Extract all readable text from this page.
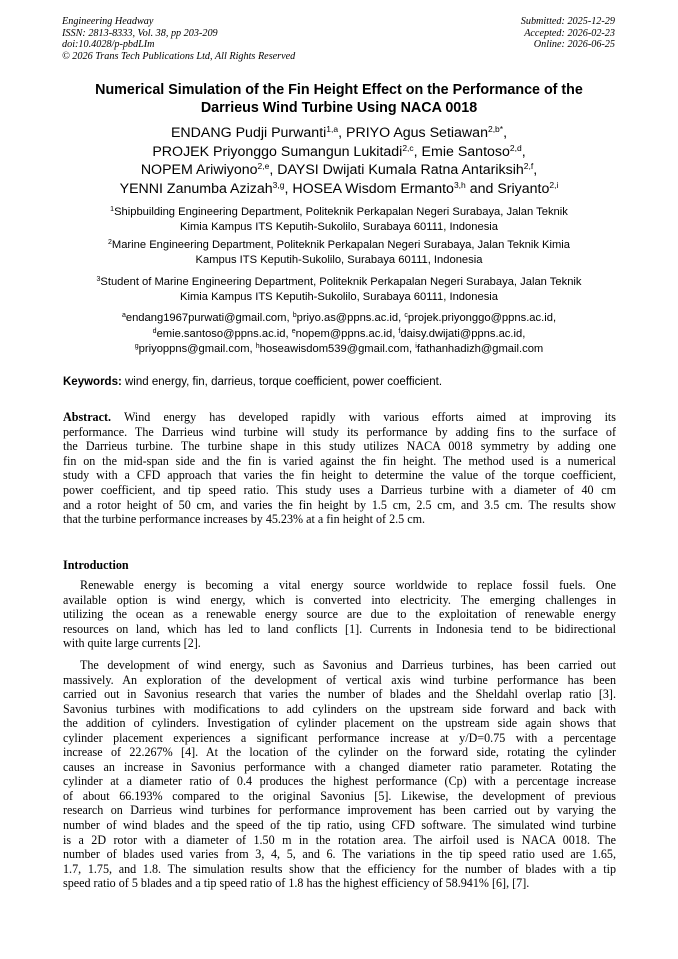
Engineering Headway
ISSN: 2813-8333, Vol. 38, pp 203-209
doi:10.4028/p-pbdLIm
© 2026 Trans Tech Publications Ltd, All Rights Reserved
Submitted: 2025-12-29
Accepted: 2026-02-23
Online: 2026-06-25
Numerical Simulation of the Fin Height Effect on the Performance of the
Darrieus Wind Turbine Using NACA 0018
ENDANG Pudji Purwanti$^{1,a}$, PRIYO Agus Setiawan$^{2,b*}$,
PROJEK Priyonggo Sumangun Lukitadi$^{2,c}$, Emie Santoso$^{2,d}$,
NOPEM Ariwiyono$^{2,e}$, DAYSI Dwijati Kumala Ratna Antariksih$^{2,f}$,
YENNI Zanumba Azizah$^{3,g}$, HOSEA Wisdom Ermanto$^{3,h}$ and Sriyanto$^{2,i}$
$^1$Shipbuilding Engineering Department, Politeknik Perkapalan Negeri Surabaya, Jalan Teknik
Kimia Kampus ITS Keputih-Sukolilo, Surabaya 60111, Indonesia
$^2$Marine Engineering Department, Politeknik Perkapalan Negeri Surabaya, Jalan Teknik Kimia
Kampus ITS Keputih-Sukolilo, Surabaya 60111, Indonesia
$^3$Student of Marine Engineering Department, Politeknik Perkapalan Negeri Surabaya, Jalan Teknik
Kimia Kampus ITS Keputih-Sukolilo, Surabaya 60111, Indonesia
$^a$endang1967purwati@gmail.com, $^b$priyo.as@ppns.ac.id, $^c$projek.priyonggo@ppns.ac.id,
$^d$emie.santoso@ppns.ac.id, $^e$nopem@ppns.ac.id, $^f$daisy.dwijati@ppns.ac.id,
$^g$priyoppns@gmail.com, $^h$hoseawisdom539@gmail.com, $^i$fathanhadizh@gmail.com
Keywords: wind energy, fin, darrieus, torque coefficient, power coefficient.
Abstract. Wind energy has developed rapidly with various efforts aimed at improving its
performance. The Darrieus wind turbine will study its performance by adding fins to the surface of
the Darrieus turbine. The turbine shape in this study utilizes NACA 0018 symmetry by adding one
fin on the mid-span side and the fin is varied against the fin height. The method used is a numerical
study with a CFD approach that varies the fin height to determine the value of the torque coefficient,
power coefficient, and tip speed ratio. This study uses a Darrieus turbine with a diameter of 40 cm
and a rotor height of 50 cm, and varies the fin height by 1.5 cm, 2.5 cm, and 3.5 cm. The results show
that the turbine performance increases by 45.23% at a fin height of 2.5 cm.
Introduction
Renewable energy is becoming a vital energy source worldwide to replace fossil fuels. One
available option is wind energy, which is converted into electricity. The emerging challenges in
utilizing the ocean as a renewable energy source are due to the exploitation of renewable energy
resources on land, which has led to land conflicts [1]. Currents in Indonesia tend to be bidirectional
with quite large currents [2].
The development of wind energy, such as Savonius and Darrieus turbines, has been carried out
massively. An exploration of the development of vertical axis wind turbine performance has been
carried out in Savonius research that varies the number of blades and the Sheldahl overlap ratio [3].
Savonius turbines with modifications to add cylinders on the upstream side forward and back with
the addition of cylinders. Investigation of cylinder placement on the upstream side again shows that
cylinder placement experiences a significant performance increase at y/D=0.75 with a percentage
increase of 22.267% [4]. At the location of the cylinder on the forward side, rotating the cylinder
causes an increase in Savonius performance with a changed diameter ratio parameter. Rotating the
cylinder at a diameter ratio of 0.4 produces the highest performance (Cp) with a percentage increase
of about 66.193% compared to the original Savonius [5]. Likewise, the development of previous
research on Darrieus wind turbines for performance improvement has been carried out by varying the
number of wind blades and the speed of the tip ratio, using CFD software. The simulated wind turbine
is a 2D rotor with a diameter of 1.50 m in the rotation area. The airfoil used is NACA 0018. The
number of blades used varies from 3, 4, 5, and 6. The variations in the tip speed ratio used are 1.65,
1.7, 1.75, and 1.8. The simulation results show that the efficiency for the number of blades with a tip
speed ratio of 5 blades and a tip speed ratio of 1.8 has the highest efficiency of 58.941% [6], [7].
